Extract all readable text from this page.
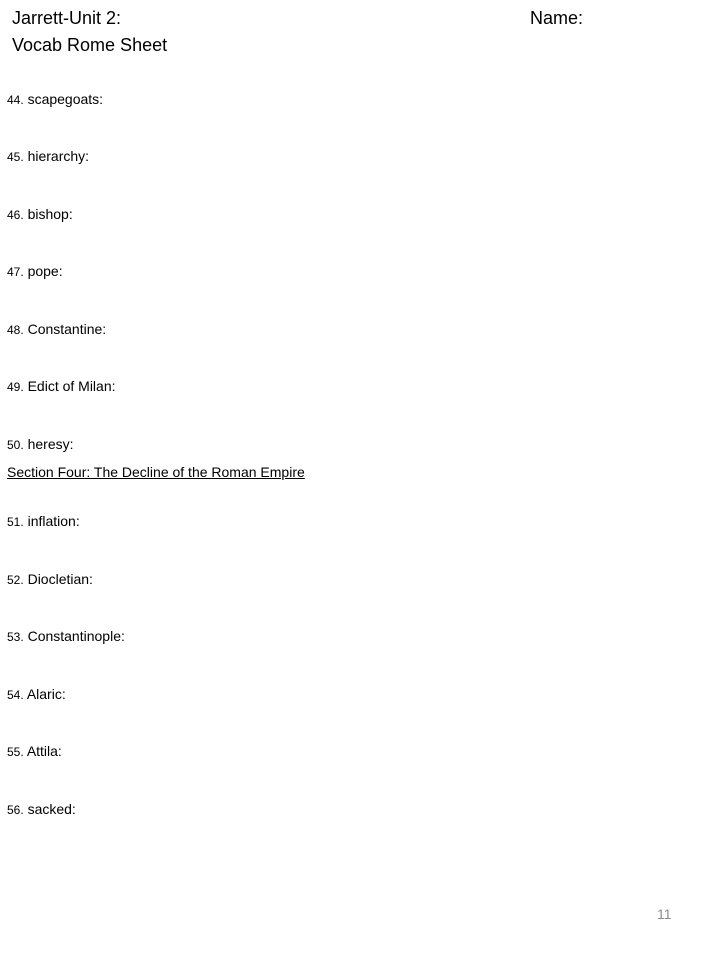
Jarrett-Unit 2:
Vocab Rome Sheet
Name:
44. scapegoats:
45. hierarchy:
46. bishop:
47. pope:
48. Constantine:
49. Edict of Milan:
50. heresy:
Section Four: The Decline of the Roman Empire
51. inflation:
52. Diocletian:
53. Constantinople:
54. Alaric:
55. Attila:
56. sacked:
11
